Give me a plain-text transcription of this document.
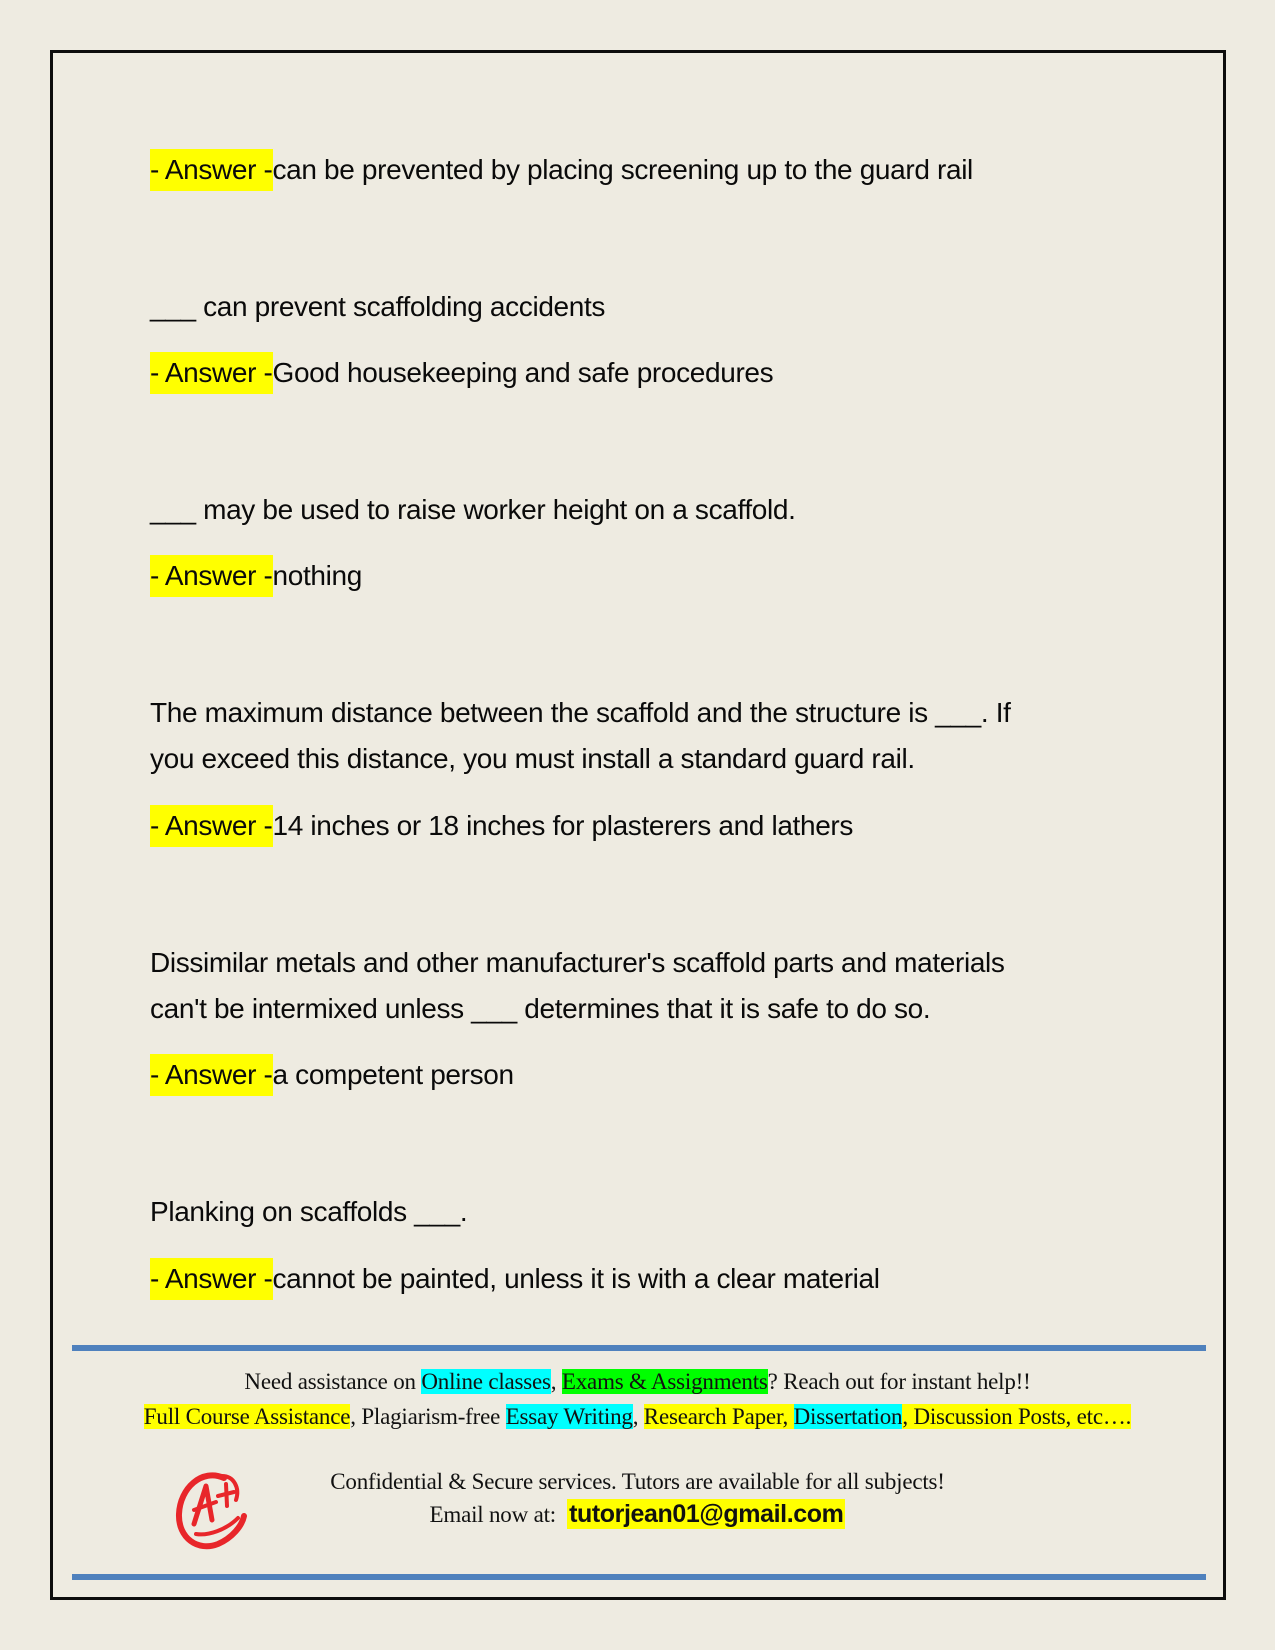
- Answer -can be prevented by placing screening up to the guard rail
___ can prevent scaffolding accidents
- Answer -Good housekeeping and safe procedures
___ may be used to raise worker height on a scaffold.
- Answer -nothing
The maximum distance between the scaffold and the structure is ___. If
you exceed this distance, you must install a standard guard rail.
- Answer -14 inches or 18 inches for plasterers and lathers
Dissimilar metals and other manufacturer's scaffold parts and materials
can't be intermixed unless ___ determines that it is safe to do so.
- Answer -a competent person
Planking on scaffolds ___.
- Answer -cannot be painted, unless it is with a clear material
Need assistance on Online classes, Exams & Assignments? Reach out for instant help!!
Full Course Assistance, Plagiarism-free Essay Writing, Research Paper, Dissertation, Discussion Posts, etc….
Confidential & Secure services. Tutors are available for all subjects!
Email now at:  tutorjean01@gmail.com
